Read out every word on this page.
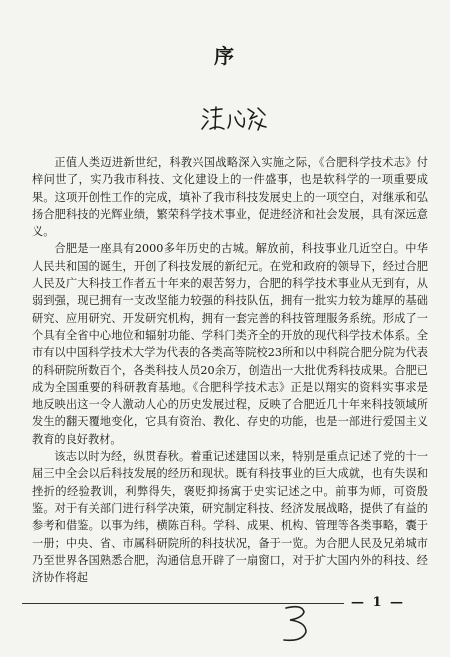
序

正值人类迈进新世纪，科教兴国战略深入实施之际，《合肥科学技术志》付梓问世了，实乃我市科技、文化建设上的一件盛事，也是软科学的一项重要成果。这项开创性工作的完成，填补了我市科技发展史上的一项空白，对继承和弘扬合肥科技的光辉业绩，繁荣科学技术事业，促进经济和社会发展，具有深远意义。

合肥是一座具有2000多年历史的古城。解放前，科技事业几近空白。中华人民共和国的诞生，开创了科技发展的新纪元。在党和政府的领导下，经过合肥人民及广大科技工作者五十年来的艰苦努力，合肥的科学技术事业从无到有，从弱到强，现已拥有一支改坚能力较强的科技队伍，拥有一批实力较为雄厚的基础研究、应用研究、开发研究机构，拥有一套完善的科技管理服务系统。形成了一个具有全省中心地位和辐射功能、学科门类齐全的开放的现代科学技术体系。全市有以中国科学技术大学为代表的各类高等院校23所和以中科院合肥分院为代表的科研院所数百个，各类科技人员20余万，创造出一大批优秀科技成果。合肥已成为全国重要的科研教育基地。《合肥科学技术志》正是以翔实的资料实事求是地反映出这一令人激动人心的历史发展过程，反映了合肥近几十年来科技领域所发生的翻天覆地变化，它具有资治、教化、存史的功能，也是一部进行爱国主义教育的良好教材。

该志以时为经，纵贯春秋。着重记述建国以来，特别是重点记述了党的十一届三中全会以后科技发展的经历和现状。既有科技事业的巨大成就，也有失误和挫折的经验教训，利弊得失，褒贬抑扬寓于史实记述之中。前事为师，可资殷鉴。对于有关部门进行科学决策，研究制定科技、经济发展战略，提供了有益的参考和借鉴。以事为纬，横陈百科。学科、成果、机构、管理等各类事略，囊于一册；中央、省、市属科研院所的科技状况，备于一览。为合肥人民及兄弟城市乃至世界各国熟悉合肥，沟通信息开辟了一扇窗口，对于扩大国内外的科技、经济协作将起

— 1 —
